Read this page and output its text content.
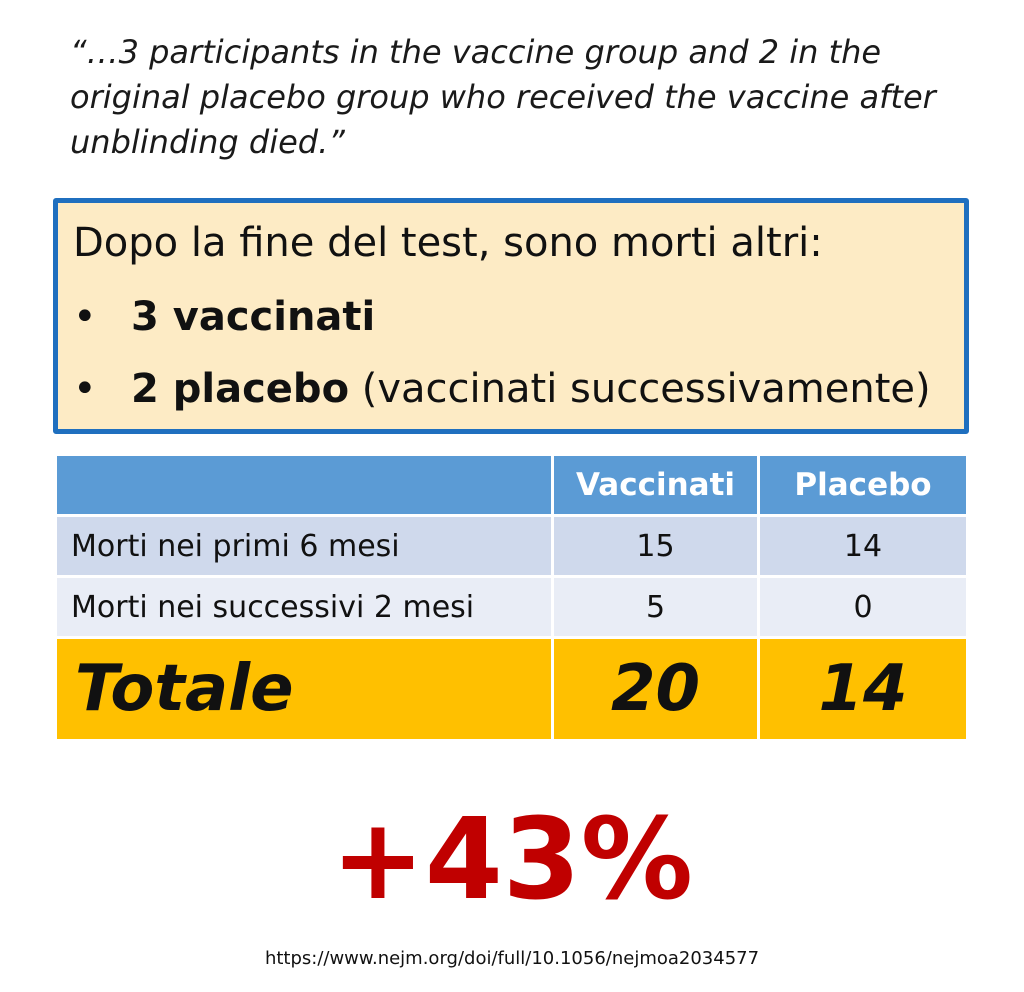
“…3 participants in the vaccine group and 2 in the original placebo group who received the vaccine after unblinding died.”

Dopo la fine del test, sono morti altri:
• 3 vaccinati
• 2 placebo (vaccinati successivamente)
	Vaccinati	Placebo
Morti nei primi 6 mesi	15	14
Morti nei successivi 2 mesi	5	0
Totale	20	14
+43%
https://www.nejm.org/doi/full/10.1056/nejmoa2034577
